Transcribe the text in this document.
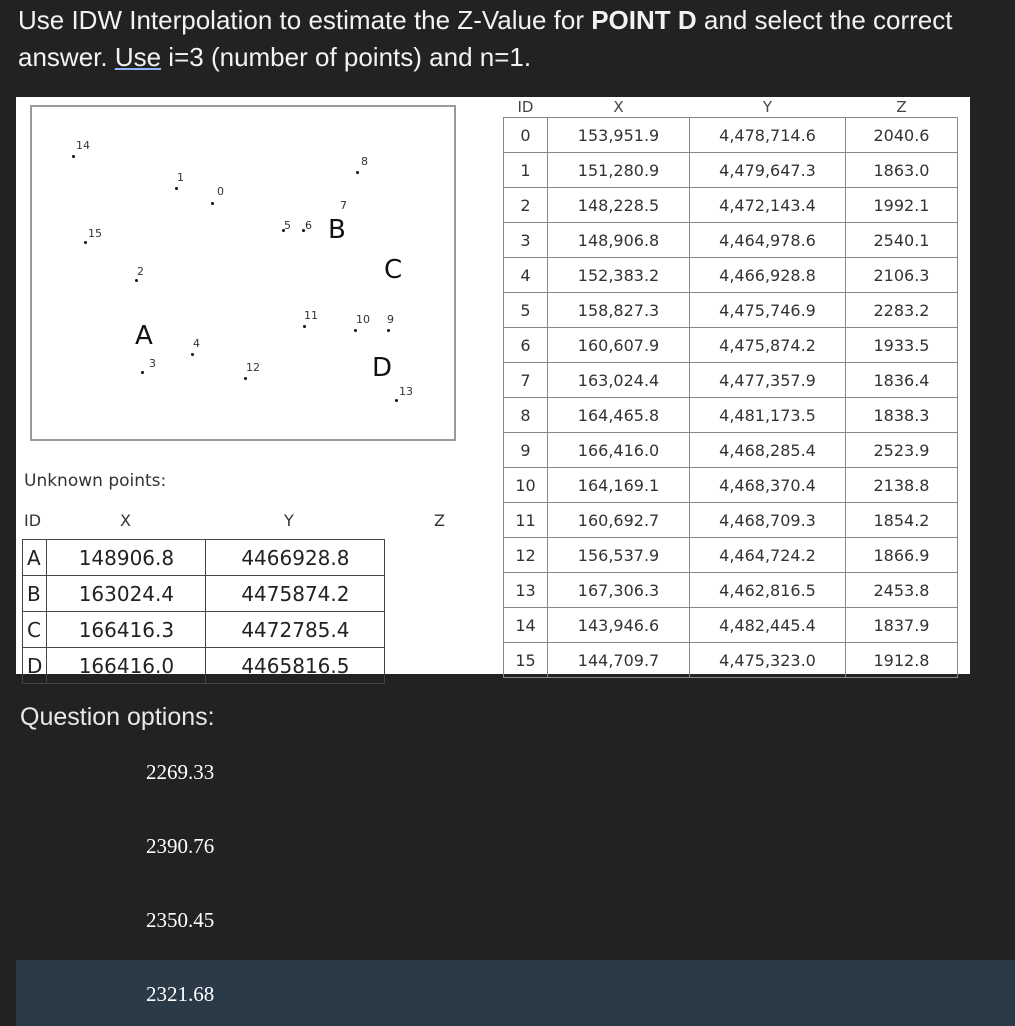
Use IDW Interpolation to estimate the Z-Value for POINT D and select the correct answer. Use i=3 (number of points) and n=1.

14
1
0
8
5 6
7
B
15
C
2
11	10 9
A	4
3	12	D
13
Unknown points:
ID	X	Y	Z
A	148906.8	4466928.8
B	163024.4	4475874.2
C	166416.3	4472785.4
D	166416.0	4465816.5
ID	X	Y	Z
0	153,951.9	4,478,714.6	2040.6
1	151,280.9	4,479,647.3	1863.0
2	148,228.5	4,472,143.4	1992.1
3	148,906.8	4,464,978.6	2540.1
4	152,383.2	4,466,928.8	2106.3
5	158,827.3	4,475,746.9	2283.2
6	160,607.9	4,475,874.2	1933.5
7	163,024.4	4,477,357.9	1836.4
8	164,465.8	4,481,173.5	1838.3
9	166,416.0	4,468,285.4	2523.9
10	164,169.1	4,468,370.4	2138.8
11	160,692.7	4,468,709.3	1854.2
12	156,537.9	4,464,724.2	1866.9
13	167,306.3	4,462,816.5	2453.8
14	143,946.6	4,482,445.4	1837.9
15	144,709.7	4,475,323.0	1912.8
Question options:
2269.33
2390.76
2350.45
2321.68
